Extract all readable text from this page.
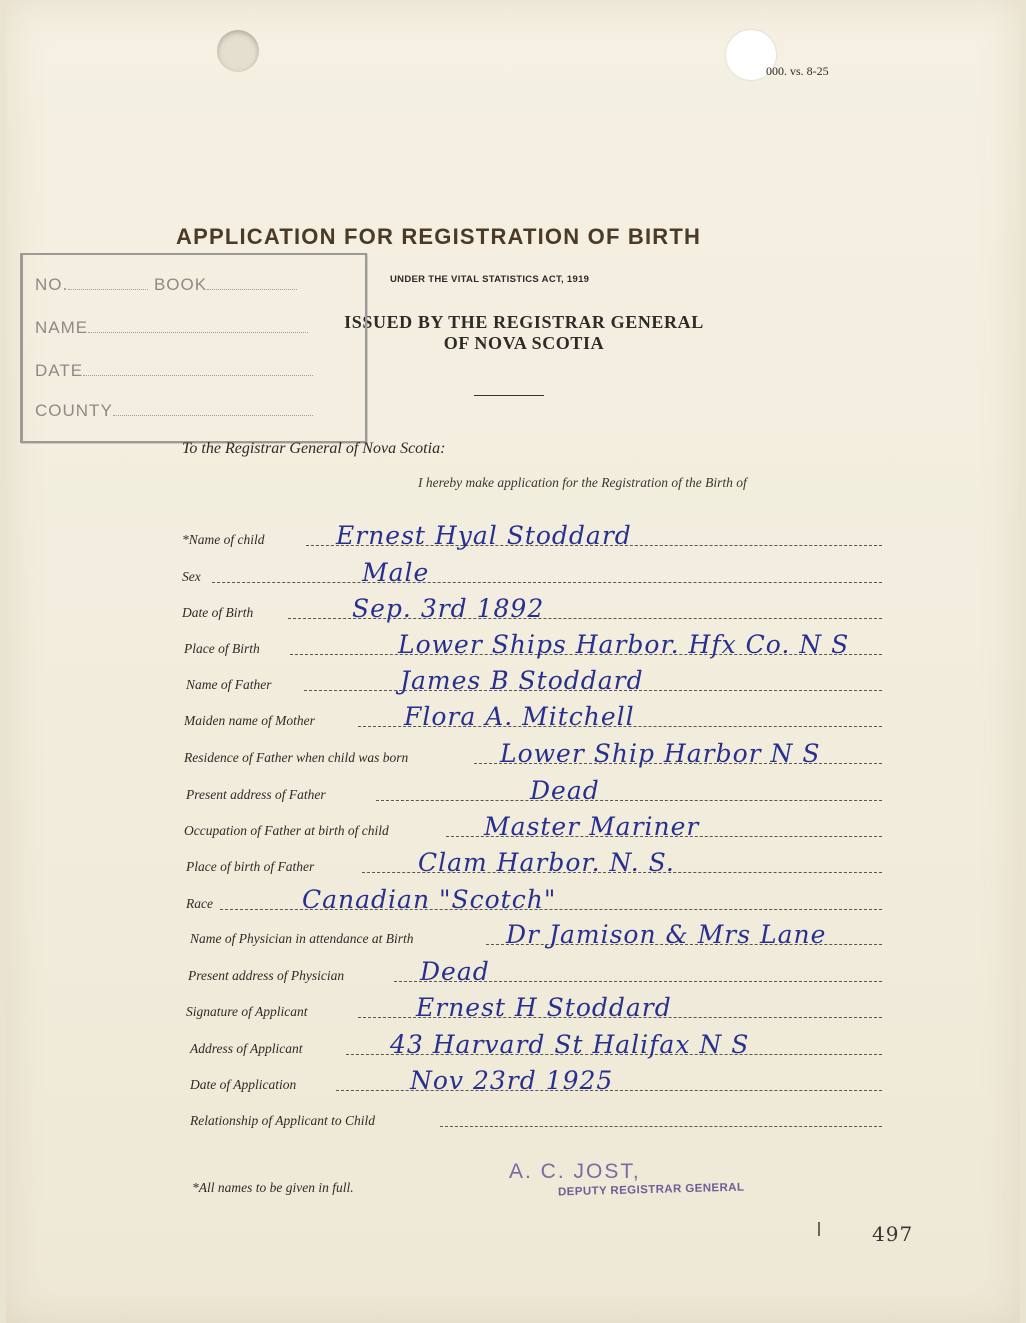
000. vs. 8-25
APPLICATION FOR REGISTRATION OF BIRTH
UNDER THE VITAL STATISTICS ACT, 1919
ISSUED BY THE REGISTRAR GENERAL
OF NOVA SCOTIA
NO.	BOOK
NAME
DATE
COUNTY
To the Registrar General of Nova Scotia:
I hereby make application for the Registration of the Birth of
*Name of child	Ernest Hyal Stoddard
Sex	Male
Date of Birth	Sep. 3rd 1892
Place of Birth	Lower Ships Harbor. Hfx Co. N S
Name of Father	James B Stoddard
Maiden name of Mother	Flora A. Mitchell
Residence of Father when child was born	Lower Ship Harbor N S
Present address of Father	Dead
Occupation of Father at birth of child	Master Mariner
Place of birth of Father	Clam Harbor. N. S.
Race	Canadian "Scotch"
Name of Physician in attendance at Birth	Dr Jamison & Mrs Lane
Present address of Physician	Dead
Signature of Applicant	Ernest H Stoddard
Address of Applicant	43 Harvard St Halifax N S
Date of Application	Nov 23rd 1925
Relationship of Applicant to Child
*All names to be given in full.
A. C. JOST,
DEPUTY REGISTRAR GENERAL
497
